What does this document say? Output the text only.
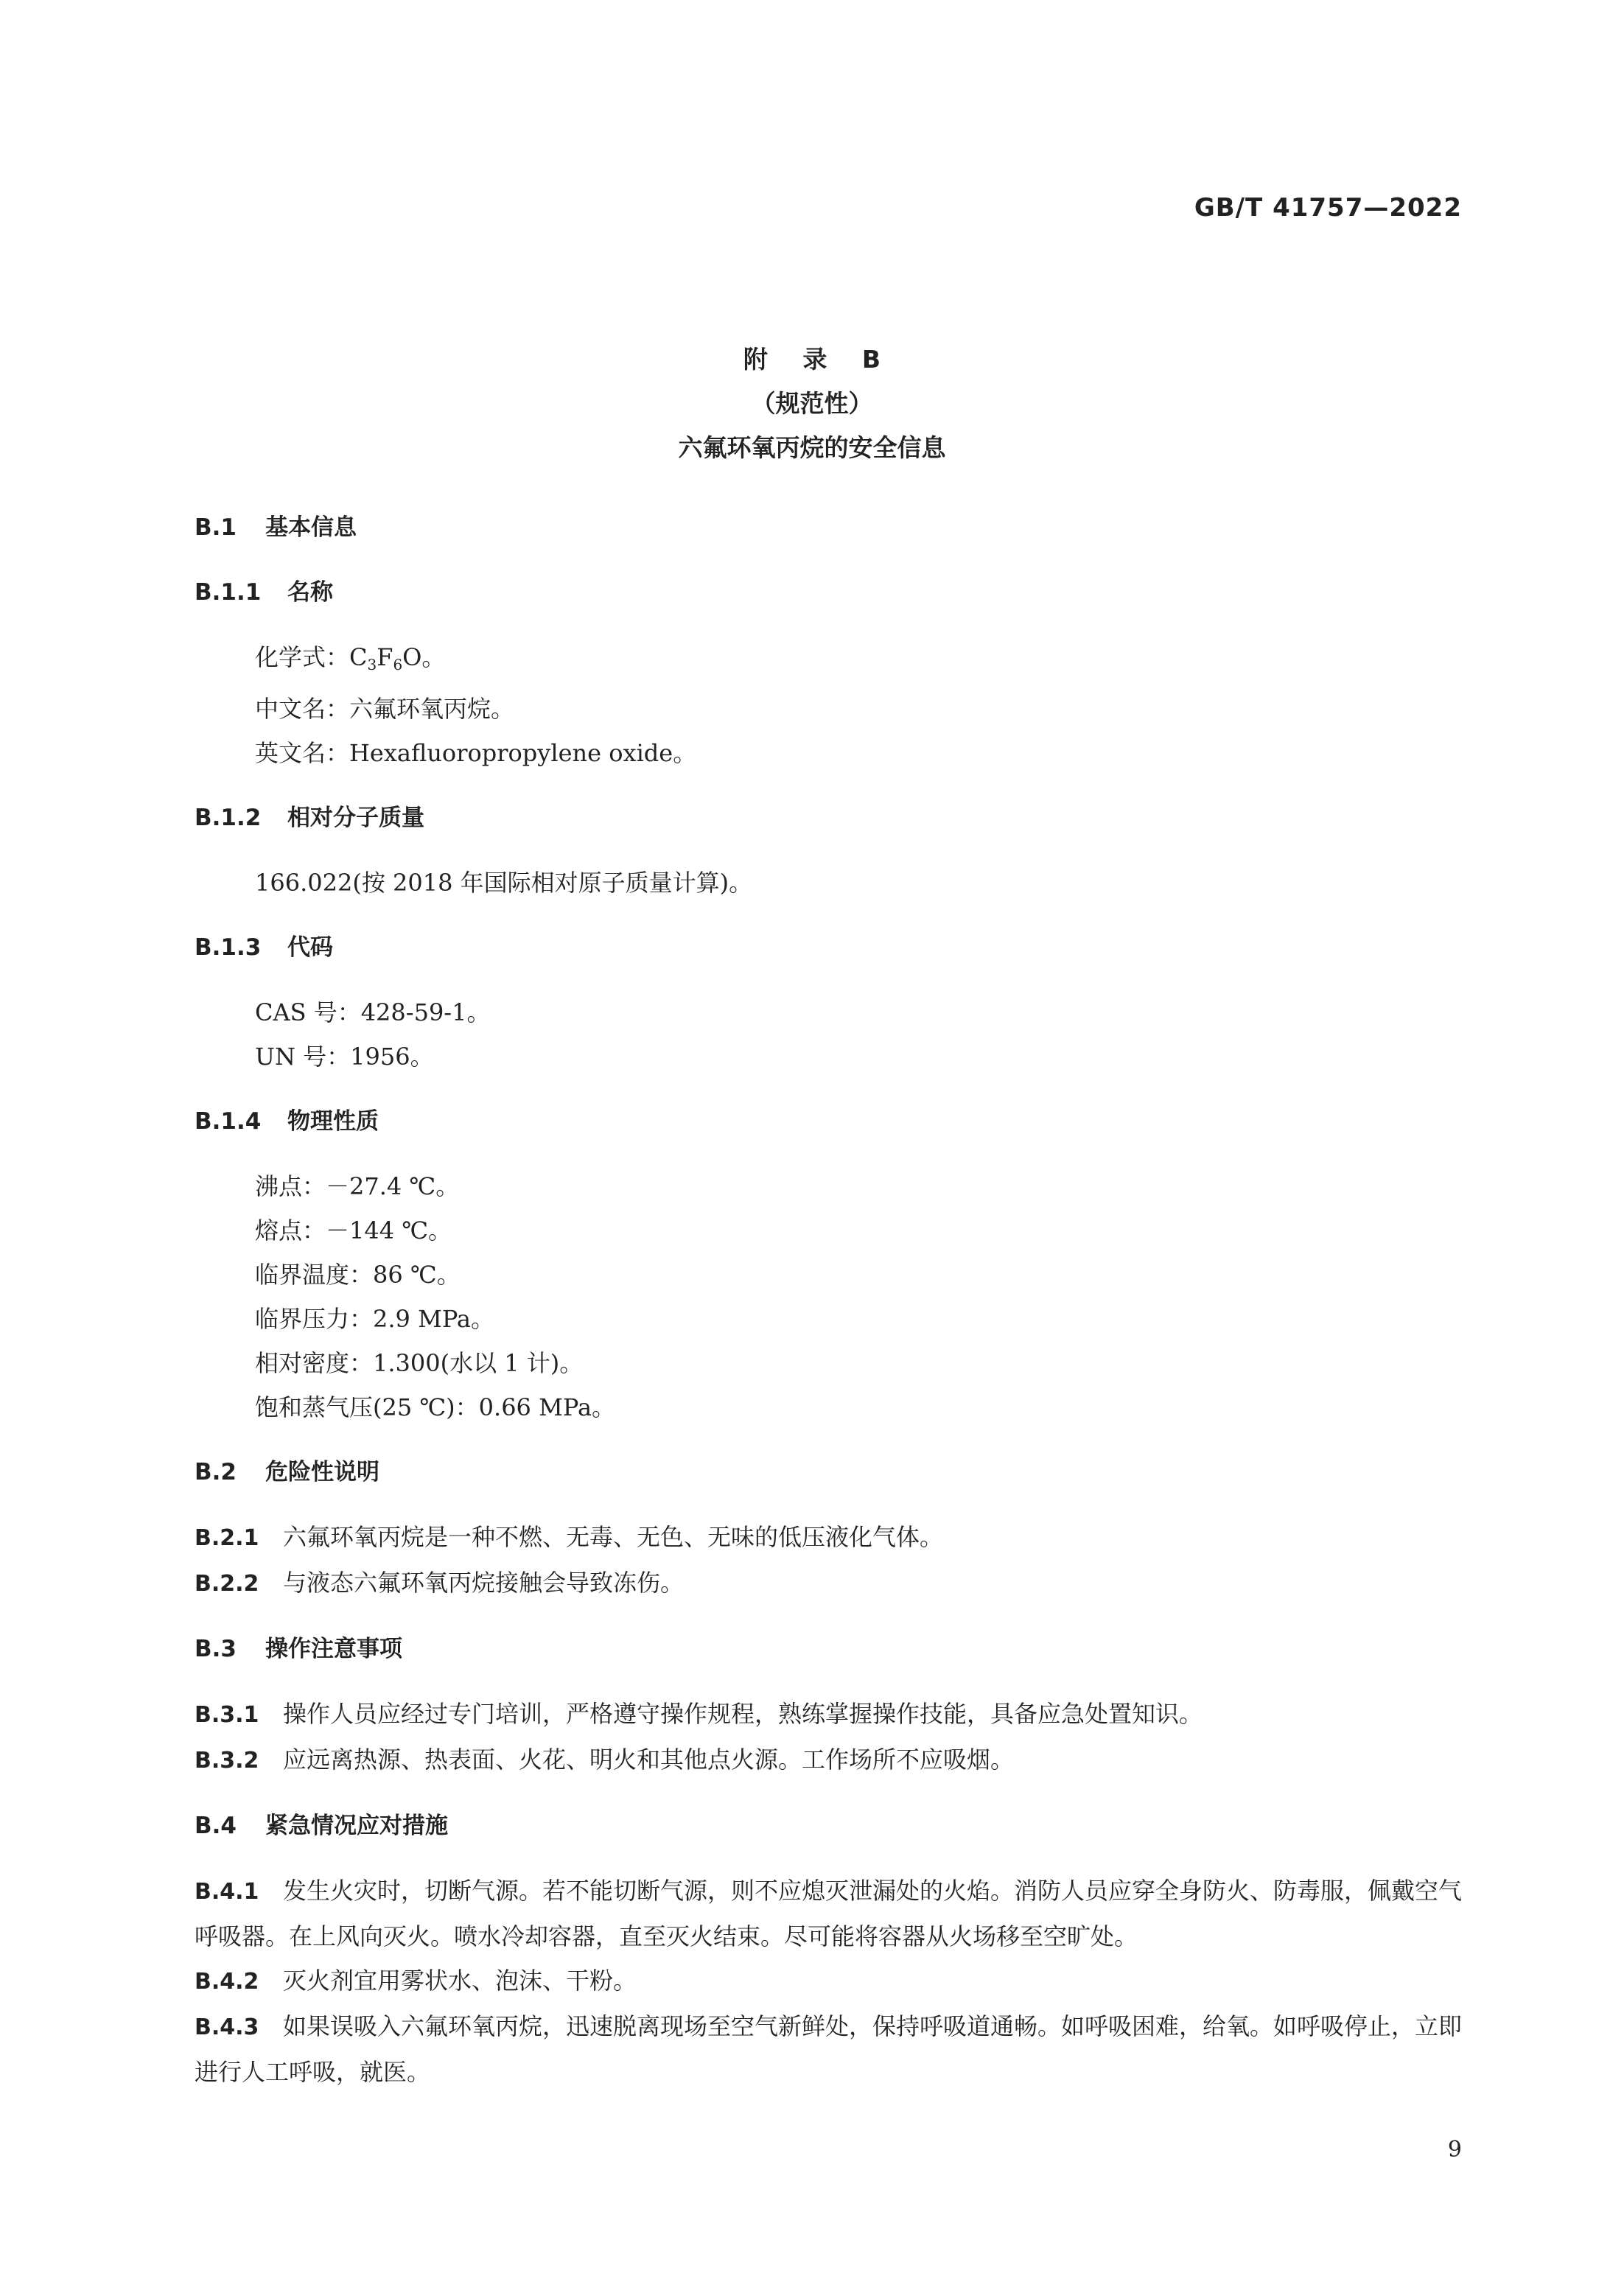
GB/T 41757—2022
附 录 B
（规范性）
六氟环氧丙烷的安全信息
B.1 基本信息
B.1.1 名称
化学式：$C_3F_6O$。
中文名：六氟环氧丙烷。
英文名：Hexafluoropropylene oxide。
B.1.2 相对分子质量
166.022(按 2018 年国际相对原子质量计算)。
B.1.3 代码
CAS 号：428-59-1。
UN 号：1956。
B.1.4 物理性质
沸点：－27.4 ℃。
熔点：－144 ℃。
临界温度：86 ℃。
临界压力：2.9 MPa。
相对密度：1.300(水以 1 计)。
饱和蒸气压(25 ℃)：0.66 MPa。
B.2 危险性说明
B.2.1 六氟环氧丙烷是一种不燃、无毒、无色、无味的低压液化气体。
B.2.2 与液态六氟环氧丙烷接触会导致冻伤。
B.3 操作注意事项
B.3.1 操作人员应经过专门培训，严格遵守操作规程，熟练掌握操作技能，具备应急处置知识。
B.3.2 应远离热源、热表面、火花、明火和其他点火源。工作场所不应吸烟。
B.4 紧急情况应对措施
B.4.1 发生火灾时，切断气源。若不能切断气源，则不应熄灭泄漏处的火焰。消防人员应穿全身防火、防毒服，佩戴空气呼吸器。在上风向灭火。喷水冷却容器，直至灭火结束。尽可能将容器从火场移至空旷处。
B.4.2 灭火剂宜用雾状水、泡沫、干粉。
B.4.3 如果误吸入六氟环氧丙烷，迅速脱离现场至空气新鲜处，保持呼吸道通畅。如呼吸困难，给氧。如呼吸停止，立即进行人工呼吸，就医。
9
